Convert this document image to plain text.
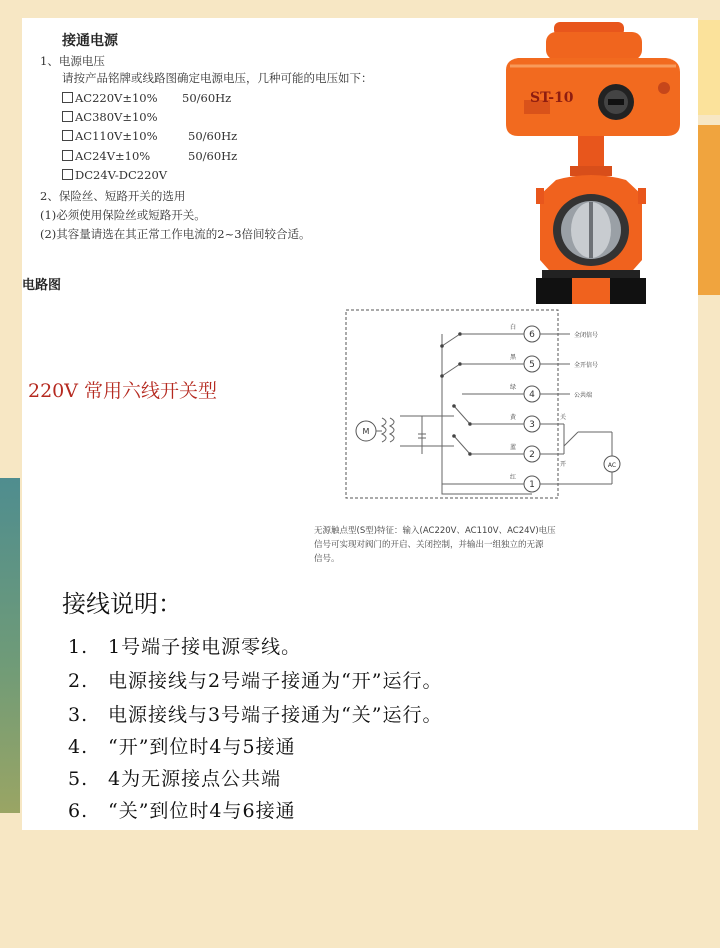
接通电源
1、电源电压
请按产品铭牌或线路图确定电源电压，几种可能的电压如下：
AC220V±10% 50/60Hz
AC380V±10%
AC110V±10%	50/60Hz
AC24V±10%	50/60Hz
DC24V-DC220V
2、保险丝、短路开关的选用
(1)必须使用保险丝或短路开关。
(2)其容量请选在其正常工作电流的2~3倍间较合适。
ST-10
电路图
220V 常用六线开关型
6
5
4
3
2
1
白
黑
绿
黄
蓝
红
全闭信号
全开信号
公共端
关
开
M
AC
无源触点型(S型)特征：输入(AC220V、AC110V、AC24V)电压
信号可实现对阀门的开启、关闭控制，并输出一组独立的无源
信号。
接线说明：
1. 1号端子接电源零线。
2. 电源接线与2号端子接通为“开”运行。
3. 电源接线与3号端子接通为“关”运行。
4. “开”到位时4与5接通
5. 4为无源接点公共端
6. “关”到位时4与6接通
